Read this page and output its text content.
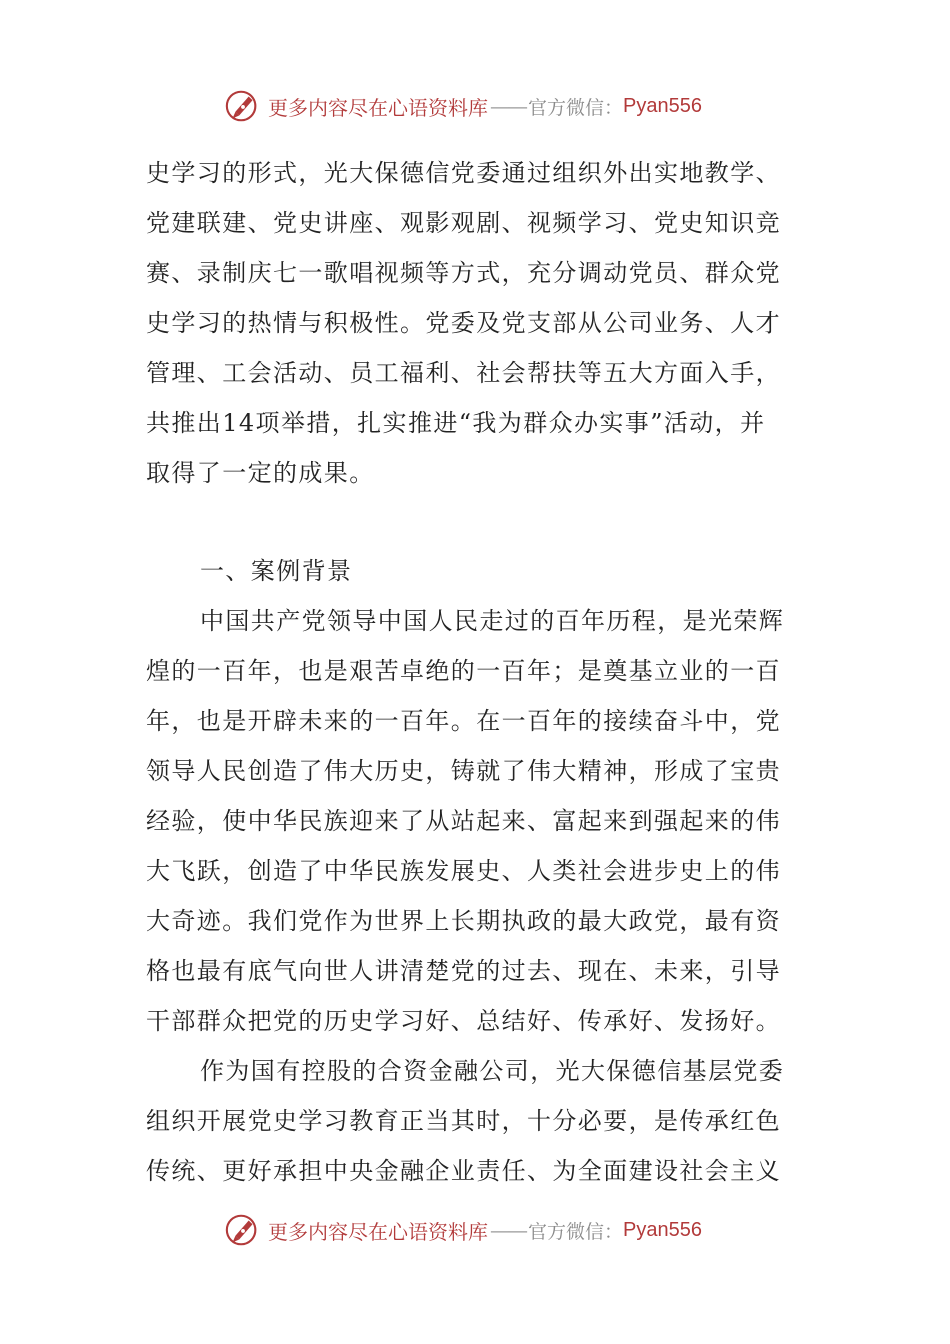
更多内容尽在心语资料库 —— 官方微信： Pyan556
史学习的形式，光大保德信党委通过组织外出实地教学、
党建联建、党史讲座、观影观剧、视频学习、党史知识竞
赛、录制庆七一歌唱视频等方式，充分调动党员、群众党
史学习的热情与积极性。党委及党支部从公司业务、人才
管理、工会活动、员工福利、社会帮扶等五大方面入手，
共推出14项举措，扎实推进“我为群众办实事”活动，并
取得了一定的成果。
一、案例背景
中国共产党领导中国人民走过的百年历程，是光荣辉
煌的一百年，也是艰苦卓绝的一百年；是奠基立业的一百
年，也是开辟未来的一百年。在一百年的接续奋斗中，党
领导人民创造了伟大历史，铸就了伟大精神，形成了宝贵
经验，使中华民族迎来了从站起来、富起来到强起来的伟
大飞跃，创造了中华民族发展史、人类社会进步史上的伟
大奇迹。我们党作为世界上长期执政的最大政党，最有资
格也最有底气向世人讲清楚党的过去、现在、未来，引导
干部群众把党的历史学习好、总结好、传承好、发扬好。
作为国有控股的合资金融公司，光大保德信基层党委
组织开展党史学习教育正当其时，十分必要，是传承红色
传统、更好承担中央金融企业责任、为全面建设社会主义
更多内容尽在心语资料库 —— 官方微信： Pyan556
